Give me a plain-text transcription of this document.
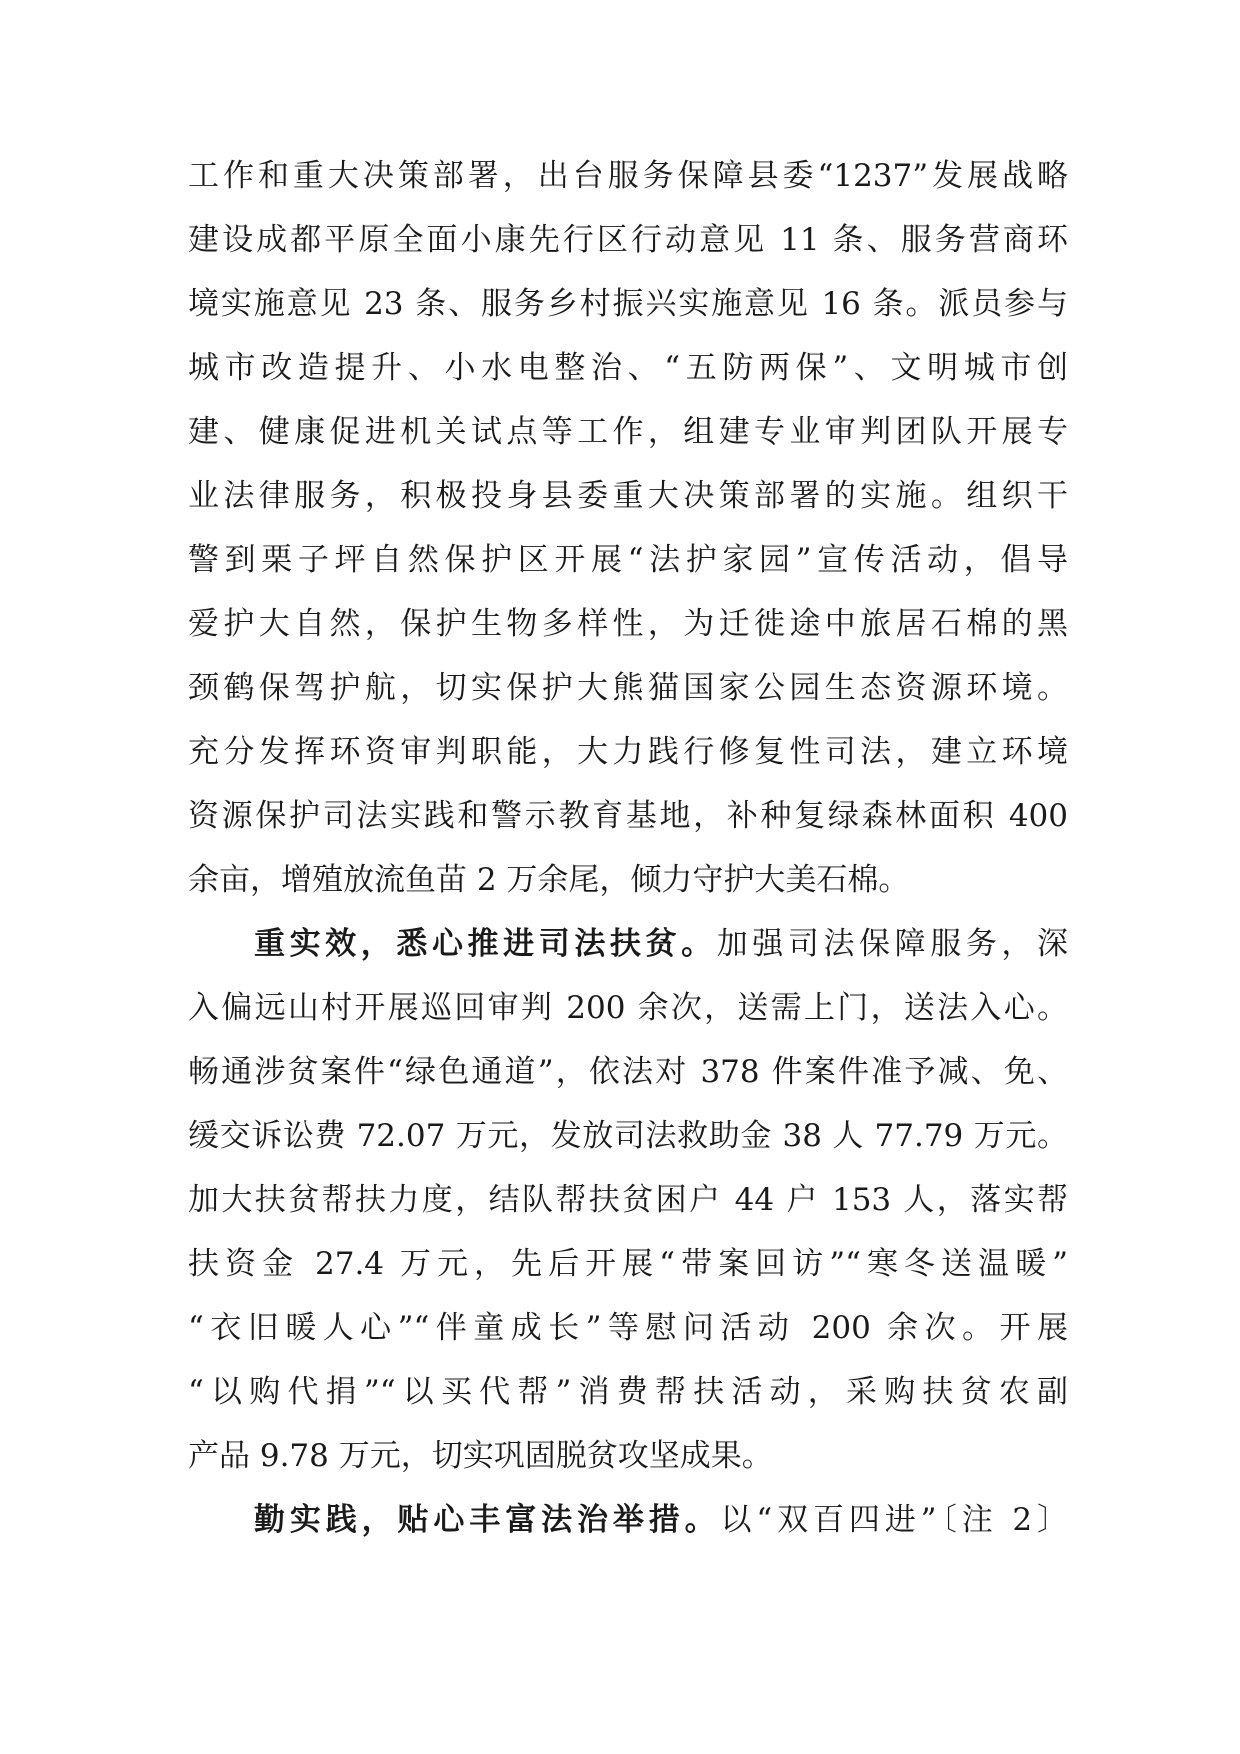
工作和重大决策部署，出台服务保障县委“1237”发展战略
建设成都平原全面小康先行区行动意见 11 条、服务营商环
境实施意见 23 条、服务乡村振兴实施意见 16 条。派员参与
城市改造提升、小水电整治、“五防两保”、文明城市创
建、健康促进机关试点等工作，组建专业审判团队开展专
业法律服务，积极投身县委重大决策部署的实施。组织干
警到栗子坪自然保护区开展“法护家园”宣传活动，倡导
爱护大自然，保护生物多样性，为迁徙途中旅居石棉的黑
颈鹤保驾护航，切实保护大熊猫国家公园生态资源环境。
充分发挥环资审判职能，大力践行修复性司法，建立环境
资源保护司法实践和警示教育基地，补种复绿森林面积 400
余亩，增殖放流鱼苗 2 万余尾，倾力守护大美石棉。
重实效，悉心推进司法扶贫。加强司法保障服务，深
入偏远山村开展巡回审判 200 余次，送需上门，送法入心。
畅通涉贫案件“绿色通道”，依法对 378 件案件准予减、免、
缓交诉讼费 72.07 万元，发放司法救助金 38 人 77.79 万元。
加大扶贫帮扶力度，结队帮扶贫困户 44 户 153 人，落实帮
扶资金 27.4 万元，先后开展“带案回访”“寒冬送温暖”
“衣旧暖人心”“伴童成长”等慰问活动 200 余次。开展
“以购代捐”“以买代帮”消费帮扶活动，采购扶贫农副
产品 9.78 万元，切实巩固脱贫攻坚成果。
勤实践，贴心丰富法治举措。以“双百四进”〔注 2〕
